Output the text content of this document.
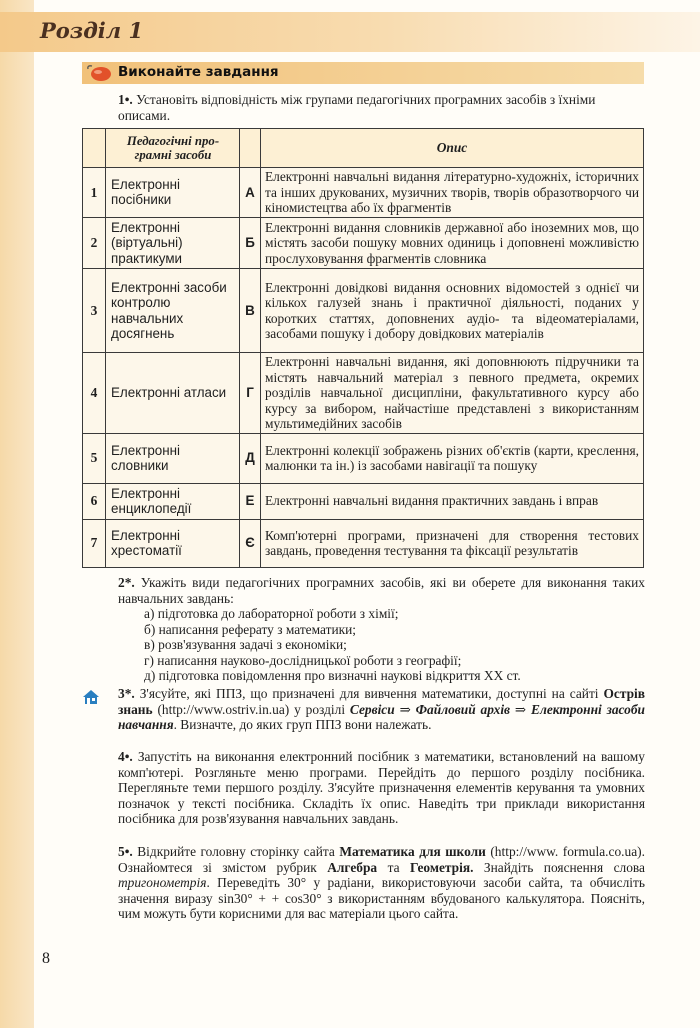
Розділ 1
Виконайте завдання
1•. Установіть відповідність між групами педагогічних програмних засобів з їхніми описами.
	Педагогічні програмні засоби		Опис
1	Електронні посібники	А	Електронні навчальні видання літературно-художніх, історичних та інших друкованих, музичних творів, творів образотворчого чи кіномистецтва або їх фрагментів
2	Електронні (віртуальні) практикуми	Б	Електронні видання словників державної або іноземних мов, що містять засоби пошуку мовних одиниць і доповнені можливістю прослуховування фрагментів словника
3	Електронні засоби контролю навчальних досягнень	В	Електронні довідкові видання основних відомостей з однієї чи кількох галузей знань і практичної діяльності, поданих у коротких статтях, доповнених аудіо- та відеоматеріалами, засобами пошуку і добору довідкових матеріалів
4	Електронні атласи	Г	Електронні навчальні видання, які доповнюють підручники та містять навчальний матеріал з певного предмета, окремих розділів навчальної дисципліни, факультативного курсу або курсу за вибором, найчастіше представлені з використанням мультимедійних засобів
5	Електронні словники	Д	Електронні колекції зображень різних об'єктів (карти, креслення, малюнки та ін.) із засобами навігації та пошуку
6	Електронні енциклопедії	Е	Електронні навчальні видання практичних завдань і вправ
7	Електронні хрестоматії	Є	Комп'ютерні програми, призначені для створення тестових завдань, проведення тестування та фіксації результатів

2*. Укажіть види педагогічних програмних засобів, які ви оберете для виконання таких навчальних завдань:

а) підготовка до лабораторної роботи з хімії;

б) написання реферату з математики;

в) розв'язування задачі з економіки;

г) написання науково-дослідницької роботи з географії;

д) підготовка повідомлення про визначні наукові відкриття XX ст.

3*. З'ясуйте, які ППЗ, що призначені для вивчення математики, доступні на сайті Острів знань (http://www.ostriv.in.ua) у розділі Сервіси ⇒ Файловий архів ⇒ Електронні засоби навчання. Визначте, до яких груп ППЗ вони належать.

4•. Запустіть на виконання електронний посібник з математики, встановлений на вашому комп'ютері. Розгляньте меню програми. Перейдіть до першого розділу посібника. Перегляньте теми першого розділу. З'ясуйте призначення елементів керування та умовних позначок у тексті посібника. Складіть їх опис. Наведіть три приклади використання посібника для розв'язування навчальних завдань.

5•. Відкрийте головну сторінку сайта Математика для школи (http://www. formula.co.ua). Ознайомтеся зі змістом рубрик Алгебра та Геометрія. Знайдіть пояснення слова тригонометрія. Переведіть 30° у радіани, використовуючи засоби сайта, та обчисліть значення виразу sin30° + + cos30° з використанням вбудованого калькулятора. Поясніть, чим можуть бути корисними для вас матеріали цього сайта.

8
